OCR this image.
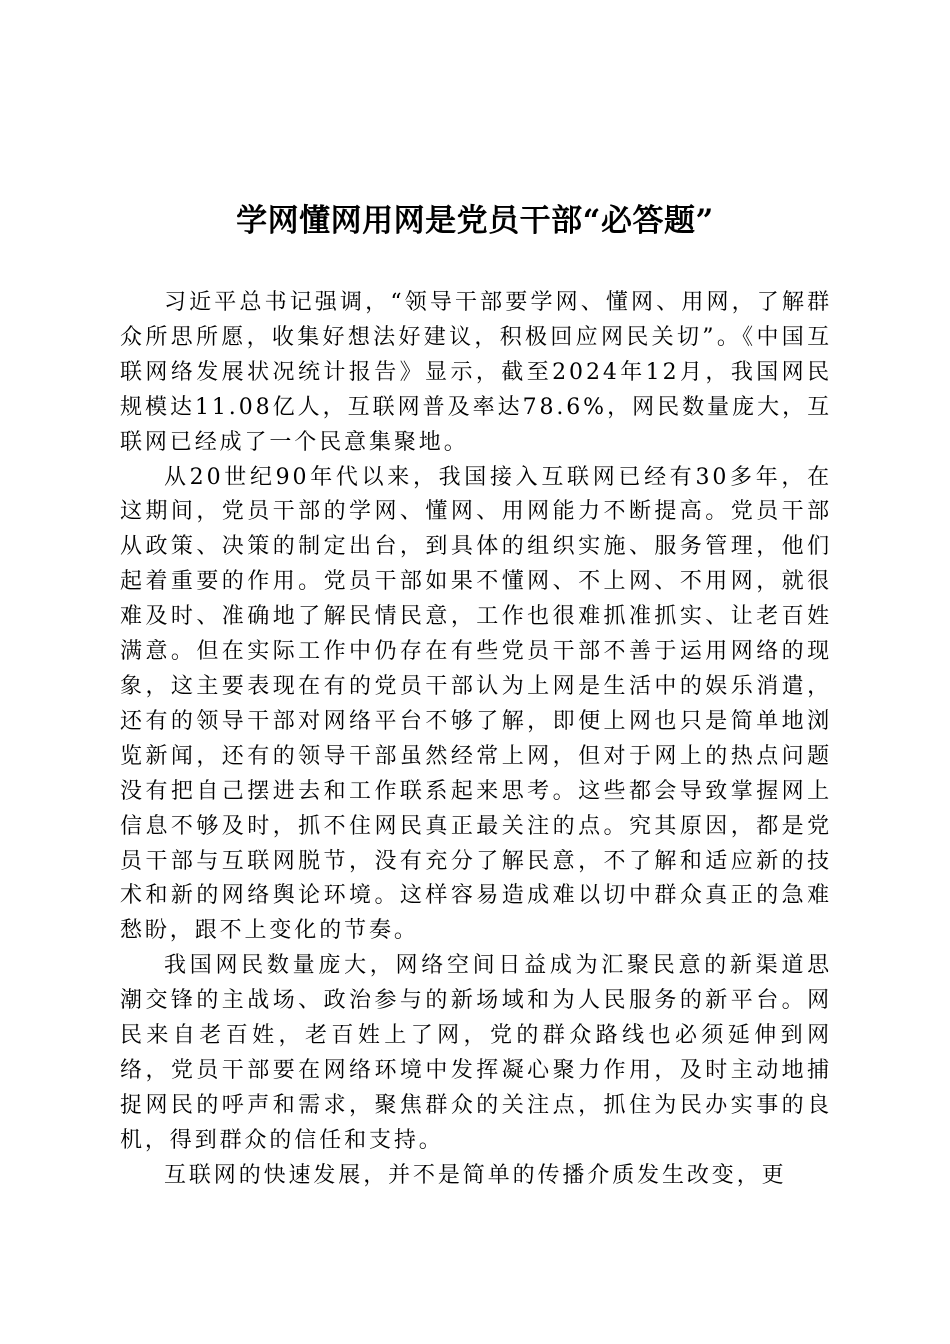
学网懂网用网是党员干部“必答题”

习近平总书记强调，“领导干部要学网、懂网、用网，了解群众所思所愿，收集好想法好建议，积极回应网民关切”。《中国互联网络发展状况统计报告》显示，截至2024年12月，我国网民规模达11.08亿人，互联网普及率达78.6%，网民数量庞大，互联网已经成了一个民意集聚地。

从20世纪90年代以来，我国接入互联网已经有30多年，在这期间，党员干部的学网、懂网、用网能力不断提高。党员干部从政策、决策的制定出台，到具体的组织实施、服务管理，他们起着重要的作用。党员干部如果不懂网、不上网、不用网，就很难及时、准确地了解民情民意，工作也很难抓准抓实、让老百姓满意。但在实际工作中仍存在有些党员干部不善于运用网络的现象，这主要表现在有的党员干部认为上网是生活中的娱乐消遣，还有的领导干部对网络平台不够了解，即便上网也只是简单地浏览新闻，还有的领导干部虽然经常上网，但对于网上的热点问题没有把自己摆进去和工作联系起来思考。这些都会导致掌握网上信息不够及时，抓不住网民真正最关注的点。究其原因，都是党员干部与互联网脱节，没有充分了解民意，不了解和适应新的技术和新的网络舆论环境。这样容易造成难以切中群众真正的急难愁盼，跟不上变化的节奏。

我国网民数量庞大，网络空间日益成为汇聚民意的新渠道思潮交锋的主战场、政治参与的新场域和为人民服务的新平台。网民来自老百姓，老百姓上了网，党的群众路线也必须延伸到网络，党员干部要在网络环境中发挥凝心聚力作用，及时主动地捕捉网民的呼声和需求，聚焦群众的关注点，抓住为民办实事的良机，得到群众的信任和支持。

互联网的快速发展，并不是简单的传播介质发生改变，更
